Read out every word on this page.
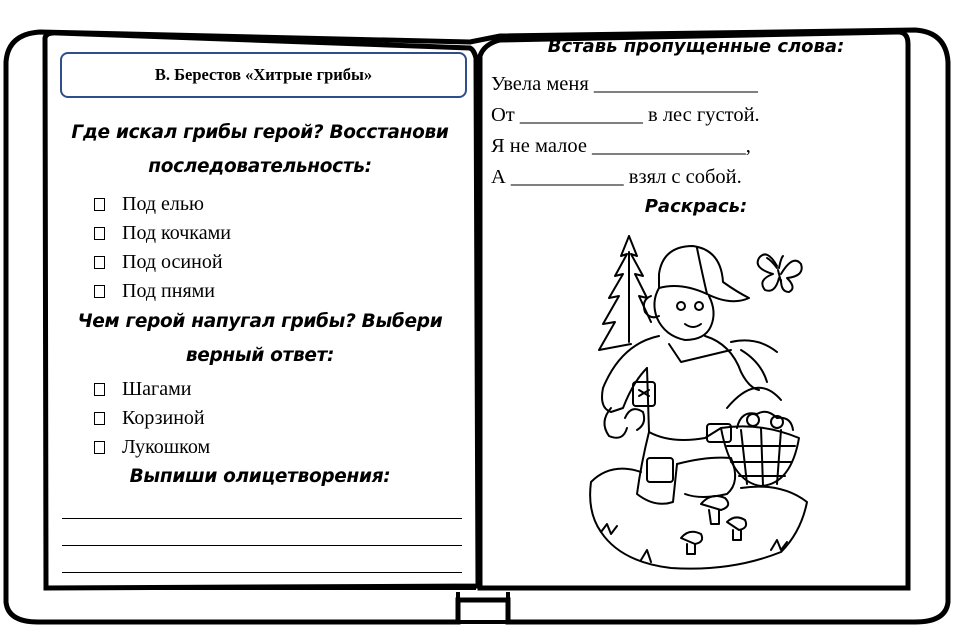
В. Берестов «Хитрые грибы»
Где искал грибы герой? Восстанови последовательность:
Под елью
Под кочками
Под осиной
Под пнями
Чем герой напугал грибы? Выбери верный ответ:
Шагами
Корзиной
Лукошком
Выпиши олицетворения:
Вставь пропущенные слова:
Увела меня ________________
От ____________ в лес густой.
Я не малое _______________,
А ___________ взял с собой.
Раскрась:
